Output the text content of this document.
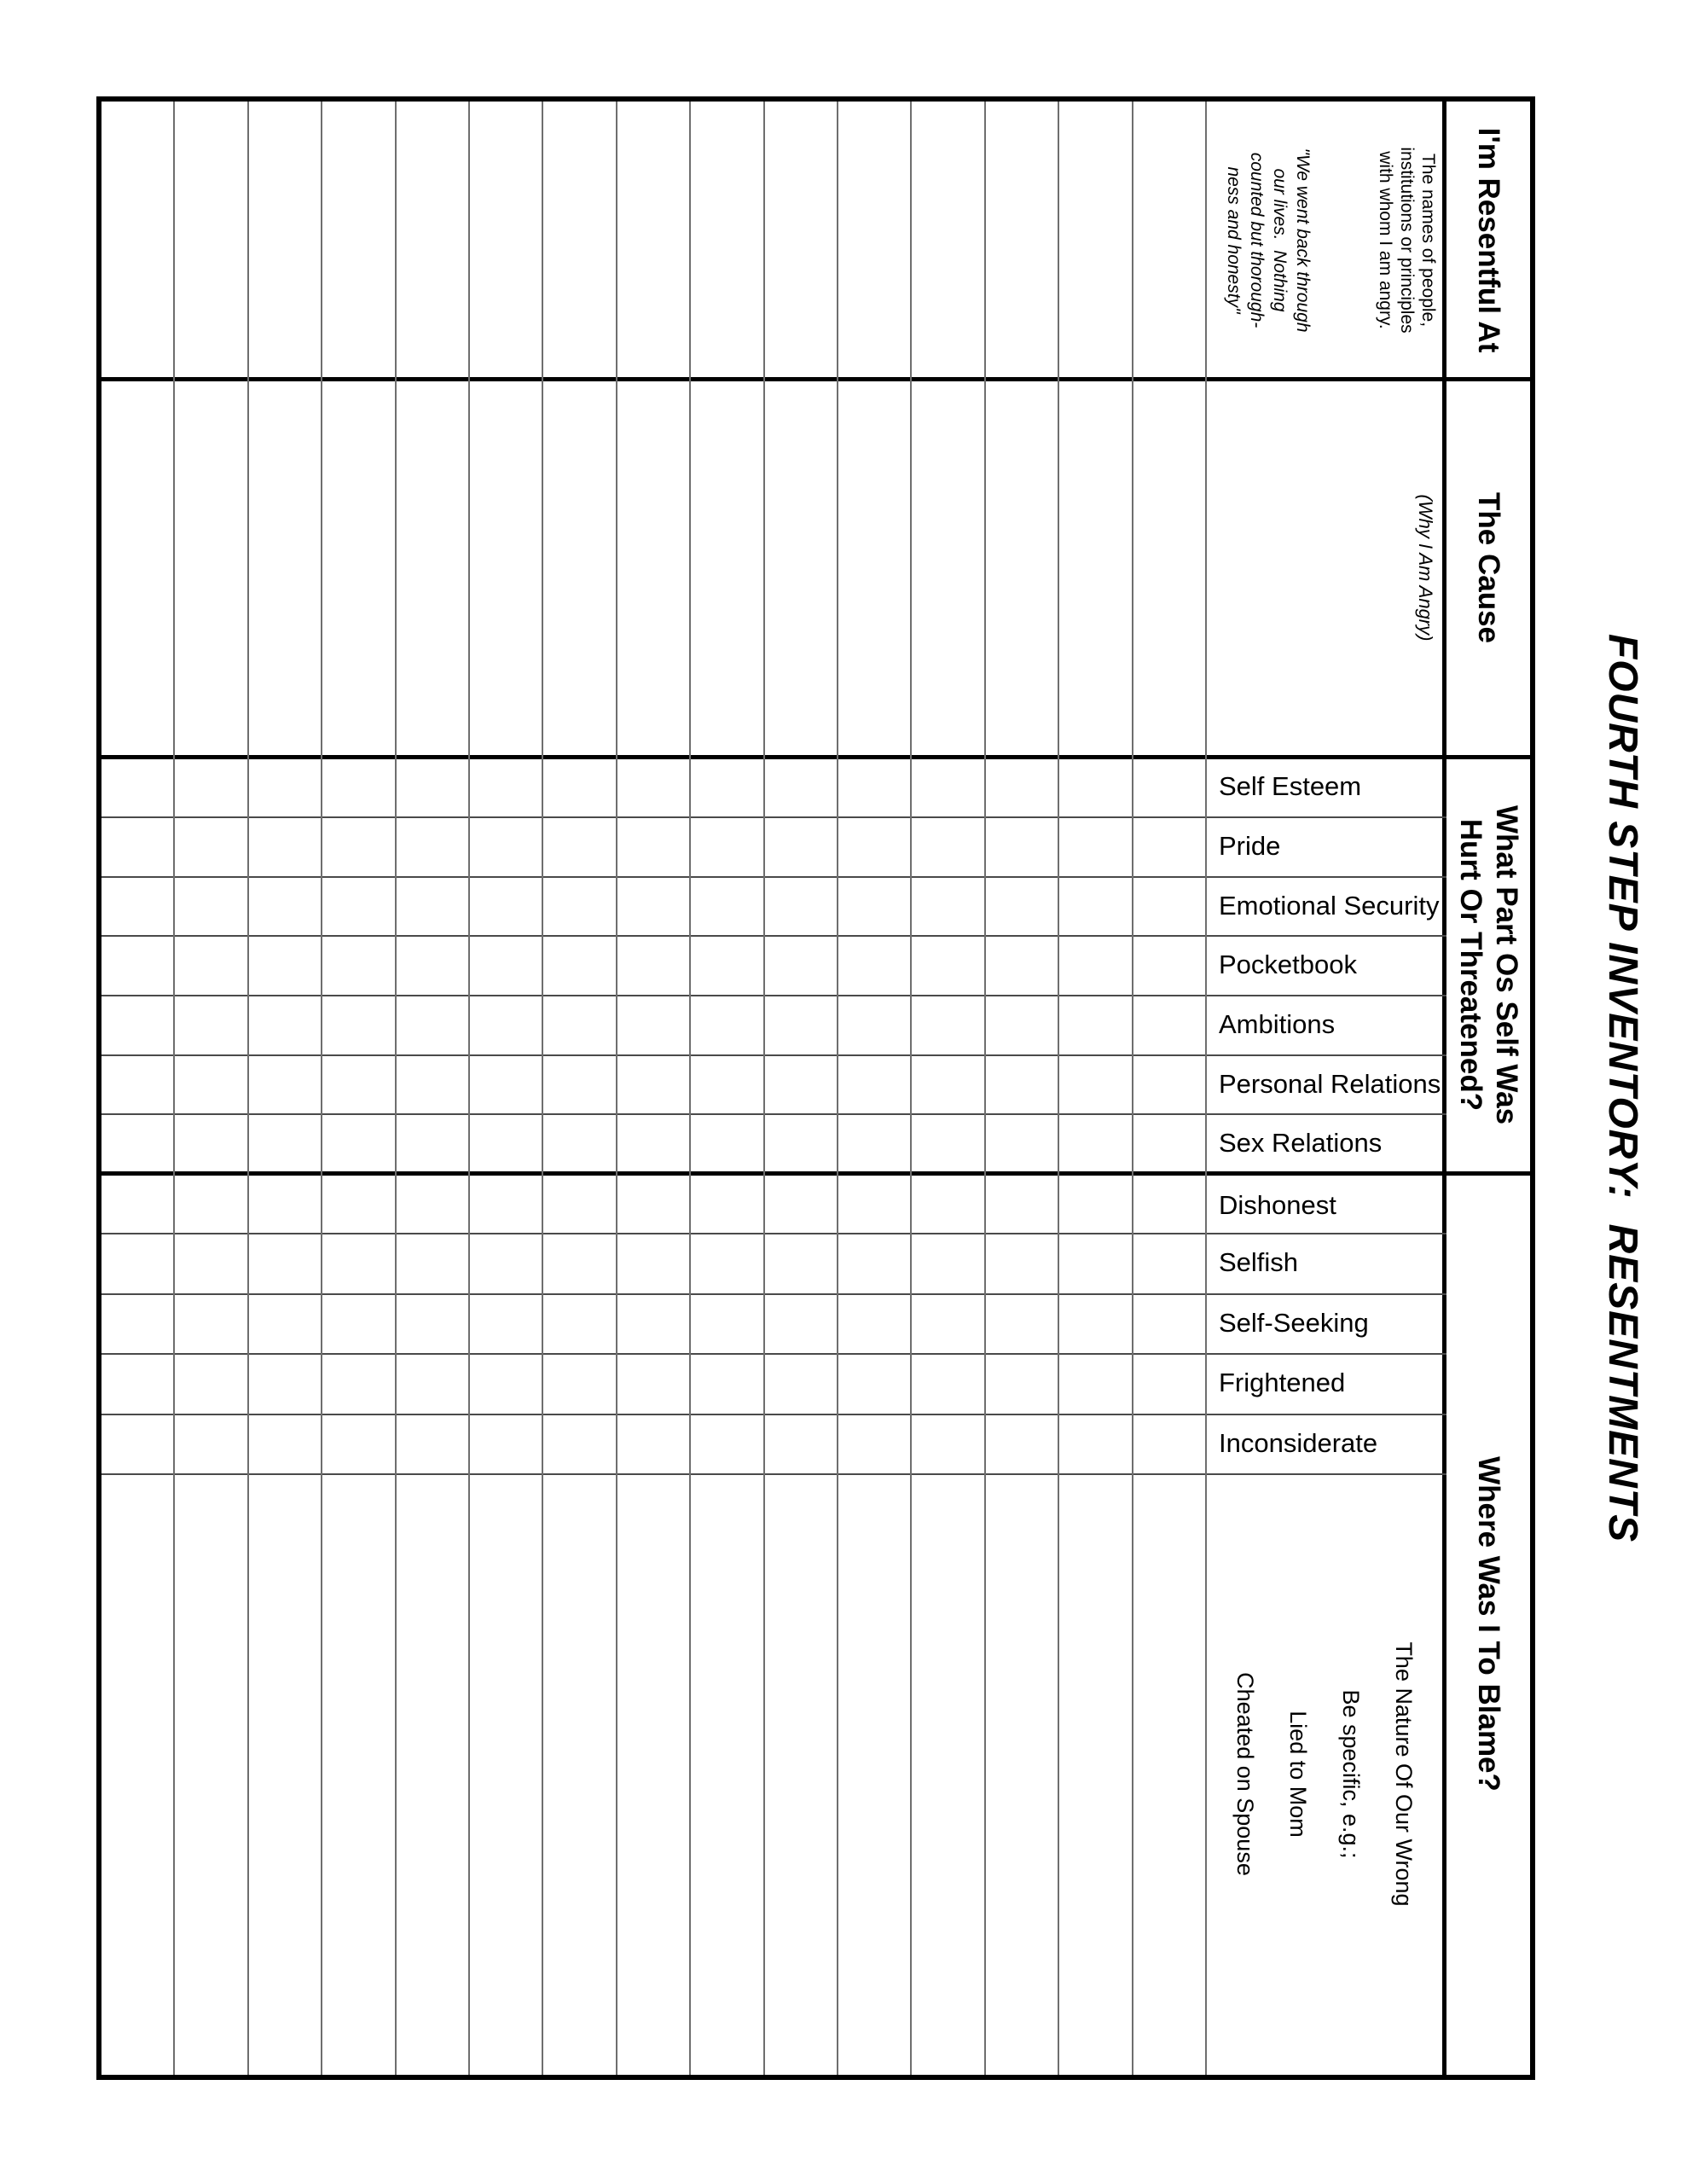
FOURTH STEP INVENTORY:  RESENTMENTS
I'm Resentful At
The Cause
What Part Os Self Was
Hurt Or Threatened?
Where Was I To Blame?
The names of people,
institutions or principles
with whom I am angry.
"We went back through
our lives.  Nothing
counted but thorough-
ness and honesty"
(Why I Am Angry)
Self Esteem
Pride
Emotional Security
Pocketbook
Ambitions
Personal Relations
Sex Relations
Dishonest
Selfish
Self-Seeking
Frightened
Inconsiderate
The Nature Of Our Wrong
Be specific, e.g.;
Lied to Mom
Cheated on Spouse
